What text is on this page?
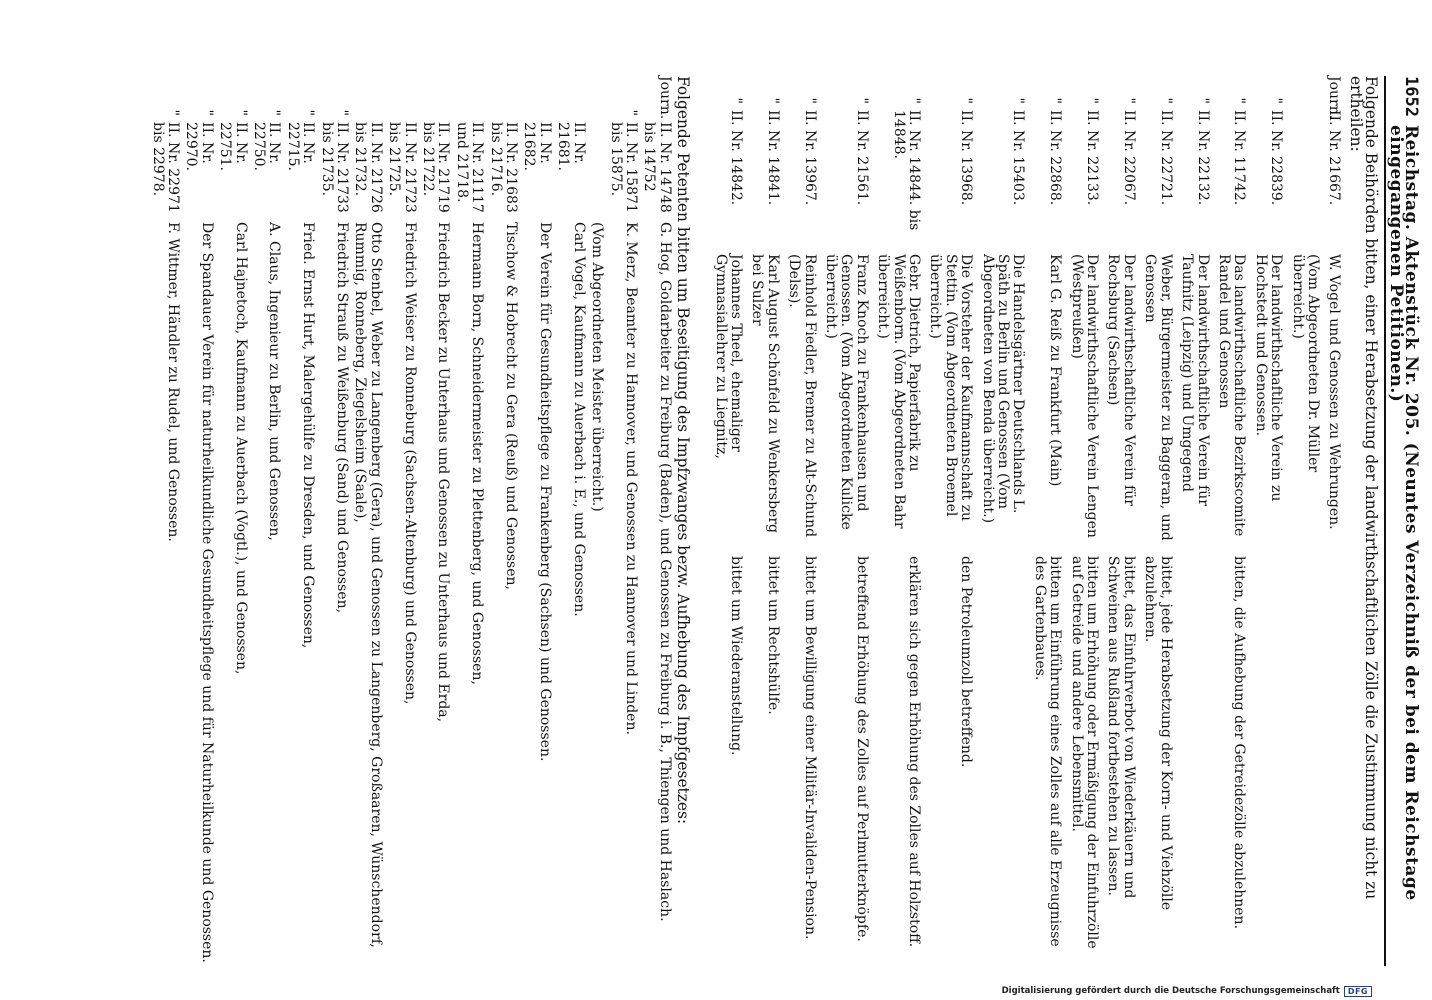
1652
Reichstag. Aktenstück Nr. 205. (Neuntes Verzeichniß der bei dem Reichstage eingegangenen Petitionen.)
Folgende Beihörden bitten, einer Herabsetzung der landwirthschaftlichen Zölle die Zustimmung nicht zu ertheilen:
Journ.
II. Nr. 21667.
W. Vogel und Genossen zu Wehrungen.
(Vom Abgeordneten Dr. Müller überreicht.)
"
II. Nr. 22839.
Der landwirthschaftliche Verein zu Hochstedt und Genossen.
"
II. Nr. 11742.
Das landwirthschaftliche Bezirkscomite Randel und Genossen
bitten, die Aufhebung der Getreidezölle abzulehnen.
"
II. Nr. 22132.
Der landwirthschaftliche Verein für Taufnitz (Leipzig) und Umgegend
"
II. Nr. 22721.
Weber, Bürgermeister zu Baggeran, und Genossen
bittet, jede Herabsetzung der Korn- und Viehzölle abzulehnen.
"
II. Nr. 22067.
Der landwirthschaftliche Verein für Rochsburg (Sachsen)
bittet, das Einfuhrverbot von Wiederkäuern und Schweinen aus Rußland fortbestehen zu lassen.
"
II. Nr. 22133.
Der landwirthschaftliche Verein Lengen (Westpreußen)
bitten um Erhöhung oder Ermäßigung der Einfuhrzölle auf Getreide und andere Lebensmittel.
"
II. Nr. 22868.
Karl G. Reiß zu Frankfurt (Main)
bitten um Einführung eines Zolles auf alle Erzeugnisse des Gartenbaues.
"
II. Nr. 15403.
Die Handelsgärtner Deutschlands L. Späth zu Berlin und Genossen (Vom Abgeordneten von Benda überreicht.)
"
II. Nr. 13968.
Die Vorsteher der Kaufmannschaft zu Stettin. (Vom Abgeordneten Broemel überreicht.)
den Petroleumzoll betreffend.
"
II. Nr. 14844. bis 14848.
Gebr. Dietrich, Papierfabrik zu Weißenborn. (Vom Abgeordneten Bahr überreicht.)
erklären sich gegen Erhöhung des Zolles auf Holzstoff.
"
II. Nr. 21561.
Franz Knoch zu Frankenhausen und Genossen. (Vom Abgeordneten Kulicke überreicht.)
betreffend Erhöhung des Zolles auf Perlmutterknöpfe.
"
II. Nr. 13967.
Reinhold Fiedler, Bremer zu Alt-Schund (Delss).
bittet um Bewilligung einer Militär-Invaliden-Pension.
"
II. Nr. 14841.
Karl August Schönfeld zu Wenkersberg bei Sulzer
bittet um Rechtshülfe.
"
II. Nr. 14842.
Johannes Theel, ehemaliger Gymnasiallehrer zu Liegnitz,
bittet um Wiederanstellung.
Folgende Petenten bitten um Beseitigung des Impfzwanges bezw. Aufhebung des Impfgesetzes:
Journ.
II. Nr. 14748 bis 14752
G. Hog, Goldarbeiter zu Freiburg (Baden), und Genossen zu Freiburg i. B., Thiengen und Haslach.
"
II. Nr. 15871 bis 15875.
K. Merz, Beamter zu Hannover, und Genossen zu Hannover und Linden.
(Vom Abgeordneten Meister überreicht.)
II. Nr. 21681.
Carl Vogel, Kaufmann zu Auerbach i. E., und Genossen.
II. Nr. 21682.
Der Verein für Gesundheitspflege zu Frankenberg (Sachsen) und Genossen.
II. Nr. 21683 bis 21716.
Tischow & Hobrecht zu Gera (Reuß) und Genossen,
II. Nr. 21117 und 21718.
Hermann Born, Schneidermeister zu Plettenberg, und Genossen,
II. Nr. 21719 bis 21722.
Friedrich Becker zu Unterhaus und Genossen zu Unterhaus und Erda,
II. Nr. 21723 bis 21725.
Friedrich Weiser zu Ronneburg (Sachsen-Altenburg) und Genossen,
II. Nr. 21726 bis 21732.
Otto Stenbel, Weber zu Langenberg (Gera), und Genossen zu Langenberg, Großaaren, Wünschendorf, Rummig, Ronneberg, Ziegelsheim (Saale),
"
II. Nr. 21733 bis 21735.
Friedrich Strauß zu Weißenburg (Sand) und Genossen,
"
II. Nr. 22715.
Fried. Ernst Hurt, Malergehülfe zu Dresden, und Genossen,
"
II. Nr. 22750.
A. Claus, Ingenieur zu Berlin, und Genossen,
"
II. Nr. 22751.
Carl Hajnetoch, Kaufmann zu Auerbach (Vogtl.), und Genossen,
"
II. Nr. 22970.
Der Spandauer Verein für naturheilkundliche Gesundheitspflege und für Naturheilkunde und Genossen.
"
II. Nr. 22971 bis 22978.
F. Wittmer, Händler zu Rudel, und Genossen.
Digitalisierung gefördert durch die Deutsche Forschungsgemeinschaft	DFG
